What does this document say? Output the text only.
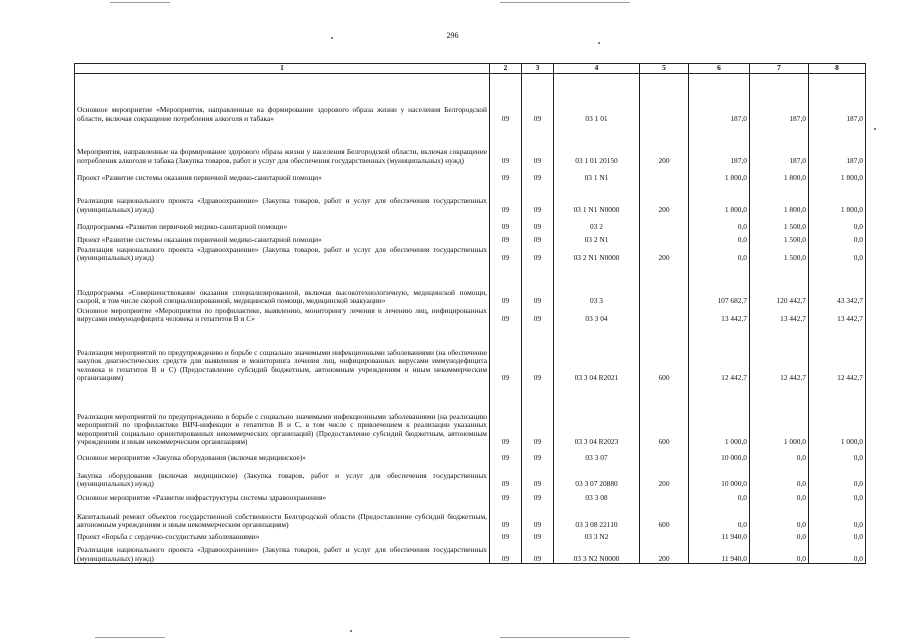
296
1	2	3	4	5	6	7	8
Основное мероприятие «Мероприятия, направленные на формирование здорового образа жизни у населения Белгородской области, включая сокращение потребления алкоголя и табака»	09	09	03 1 01		187,0	187,0	187,0
Мероприятия, направленные на формирование здорового образа жизни у населения Белгородской области, включая сокращение потребления алкоголя и табака (Закупка товаров, работ и услуг для обеспечения государственных (муниципальных) нужд)	09	09	03 1 01 20150	200	187,0	187,0	187,0
Проект «Развитие системы оказания первичной медико-санитарной помощи»	09	09	03 1 N1		1 800,0	1 800,0	1 800,0
Реализация национального проекта «Здравоохранение» (Закупка товаров, работ и услуг для обеспечения государственных (муниципальных) нужд)	09	09	03 1 N1 N0000	200	1 800,0	1 800,0	1 800,0
Подпрограмма «Развитие первичной медико-санитарной помощи»	09	09	03 2		0,0	1 500,0	0,0
Проект «Развитие системы оказания первичной медико-санитарной помощи»	09	09	03 2 N1		0,0	1 500,0	0,0
Реализация национального проекта «Здравоохранение» (Закупка товаров, работ и услуг для обеспечения государственных (муниципальных) нужд)	09	09	03 2 N1 N0000	200	0,0	1 500,0	0,0
Подпрограмма «Совершенствование оказания специализированной, включая высокотехнологичную, медицинской помощи, скорой, в том числе скорой специализированной, медицинской помощи, медицинской эвакуации»	09	09	03 3		107 682,7	120 442,7	43 342,7
Основное мероприятие «Мероприятия по профилактике, выявлению, мониторингу лечения и лечению лиц, инфицированных вирусами иммунодефицита человека и гепатитов B и C»	09	09	03 3 04		13 442,7	13 442,7	13 442,7
Реализация мероприятий по предупреждению и борьбе с социально значимыми инфекционными заболеваниями (на обеспечение закупок диагностических средств для выявления и мониторинга лечения лиц, инфицированных вирусами иммунодефицита человека и гепатитов B и C) (Предоставление субсидий бюджетным, автономным учреждениям и иным некоммерческим организациям)	09	09	03 3 04 R2021	600	12 442,7	12 442,7	12 442,7
Реализация мероприятий по предупреждению и борьбе с социально значимыми инфекционными заболеваниями (на реализацию мероприятий по профилактике ВИЧ-инфекции и гепатитов B и C, в том числе с привлечением к реализации указанных мероприятий социально ориентированных некоммерческих организаций) (Предоставление субсидий бюджетным, автономным учреждениям и иным некоммерческим организациям)	09	09	03 3 04 R2023	600	1 000,0	1 000,0	1 000,0
Основное мероприятие «Закупка оборудования (включая медицинское)»	09	09	03 3 07		10 000,0	0,0	0,0
Закупка оборудования (включая медицинское) (Закупка товаров, работ и услуг для обеспечения государственных (муниципальных) нужд)	09	09	03 3 07 20880	200	10 000,0	0,0	0,0
Основное мероприятие «Развитие инфраструктуры системы здравоохранения»	09	09	03 3 08		0,0	0,0	0,0
Капитальный ремонт объектов государственной собственности Белгородской области (Предоставление субсидий бюджетным, автономным учреждениям и иным некоммерческим организациям)	09	09	03 3 08 22110	600	0,0	0,0	0,0
Проект «Борьба с сердечно-сосудистыми заболеваниями»	09	09	03 3 N2		11 940,0	0,0	0,0
Реализация национального проекта «Здравоохранение» (Закупка товаров, работ и услуг для обеспечения государственных (муниципальных) нужд)	09	09	03 3 N2 N0000	200	11 940,0	0,0	0,0
